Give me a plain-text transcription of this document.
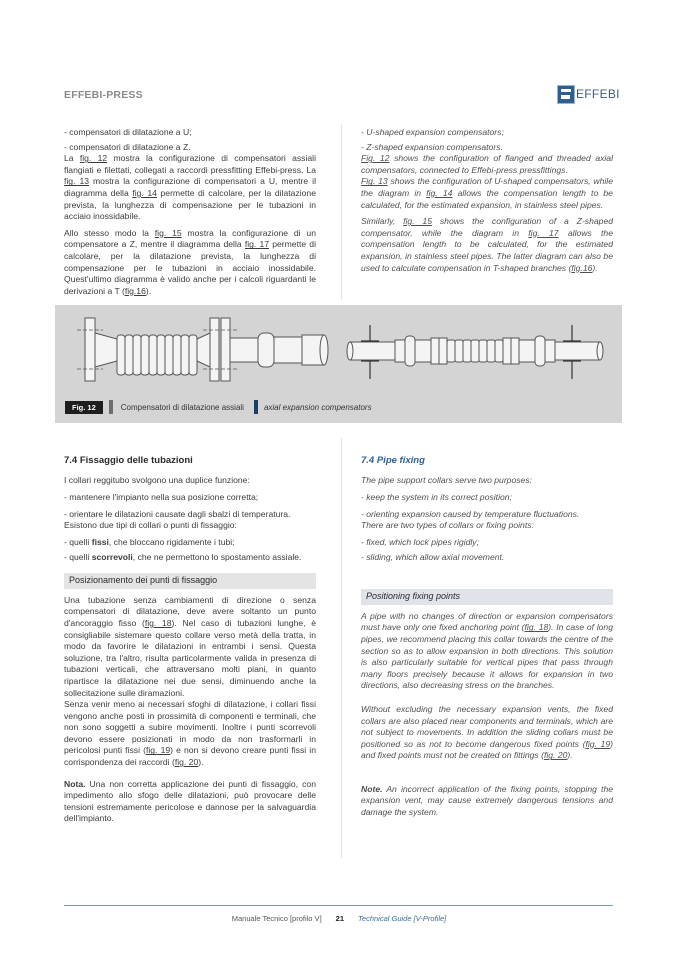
EFFEBI-PRESS	EFFEBI
- compensatori di dilatazione a U;
- compensatori di dilatazione a Z.

La fig. 12 mostra la configurazione di compensatori assiali flangiati e filettati, collegati a raccordi pressfitting Effebi-press. La fig. 13 mostra la configurazione di compensatori a U, mentre il diagramma della fig. 14 permette di calcolare, per la dilatazione prevista, la lunghezza di compensazione per le tubazioni in acciaio inossidabile.

Allo stesso modo la fig. 15 mostra la configurazione di un compensatore a Z, mentre il diagramma della fig. 17 permette di calcolare, per la dilatazione prevista, la lunghezza di compensazione per le tubazioni in acciaio inossidabile. Quest'ultimo diagramma è valido anche per i calcoli riguardanti le derivazioni a T (fig.16).

- U-shaped expansion compensators;
- Z-shaped expansion compensators.

Fig. 12 shows the configuration of flanged and threaded axial compensators, connected to Effebi-press pressfittings.
Fig. 13 shows the configuration of U-shaped compensators, while the diagram in fig. 14 allows the compensation length to be calculated, for the estimated expansion, in stainless steel pipes.

Similarly, fig. 15 shows the configuration of a Z-shaped compensator, while the diagram in fig. 17 allows the compensation length to be calculated, for the estimated expansion, in stainless steel pipes. The latter diagram can also be used to calculate compensation in T-shaped branches (fig.16).

Fig. 12	Compensatori di dilatazione assiali	axial expansion compensators
7.4 Fissaggio delle tubazioni
I collari reggitubo svolgono una duplice funzione:
- mantenere l'impianto nella sua posizione corretta;
- orientare le dilatazioni causate dagli sbalzi di temperatura.
Esistono due tipi di collari o punti di fissaggio:
- quelli fissi, che bloccano rigidamente i tubi;
- quelli scorrevoli, che ne permettono lo spostamento assiale.
Posizionamento dei punti di fissaggio

Una tubazione senza cambiamenti di direzione o senza compensatori di dilatazione, deve avere soltanto un punto d'ancoraggio fisso (fig. 18). Nel caso di tubazioni lunghe, è consigliabile sistemare questo collare verso metà della tratta, in modo da favorire le dilatazioni in entrambi i sensi. Questa soluzione, tra l'altro, risulta particolarmente valida in presenza di tubazioni verticali, che attraversano molti piani, in quanto ripartisce la dilatazione nei due sensi, diminuendo anche la sollecitazione sulle diramazioni.

Senza venir meno ai necessari sfoghi di dilatazione, i collari fissi vengono anche posti in prossimità di componenti e terminali, che non sono soggetti a subire movimenti. Inoltre i punti scorrevoli devono essere posizionati in modo da non trasformarli in pericolosi punti fissi (fig. 19) e non si devono creare punti fissi in corrispondenza dei raccordi (fig. 20).

Nota. Una non corretta applicazione dei punti di fissaggio, con impedimento allo sfogo delle dilatazioni, può provocare delle tensioni estremamente pericolose e dannose per la salvaguardia dell'impianto.

7.4 Pipe fixing
The pipe support collars serve two purposes:
- keep the system in its correct position;
- orienting expansion caused by temperature fluctuations.
There are two types of collars or fixing points:
- fixed, which lock pipes rigidly;
- sliding, which allow axial movement.
Positioning fixing points

A pipe with no changes of direction or expansion compensators must have only one fixed anchoring point (fig. 18). In case of long pipes, we recommend placing this collar towards the centre of the section so as to allow expansion in both directions. This solution is also particularly suitable for vertical pipes that pass through many floors precisely because it allows for expansion in two directions, also decreasing stress on the branches.

Without excluding the necessary expansion vents, the fixed collars are also placed near components and terminals, which are not subject to movements. In addition the sliding collars must be positioned so as not to become dangerous fixed points (fig. 19) and fixed points must not be created on fittings (fig. 20).

Note. An incorrect application of the fixing points, stopping the expansion vent, may cause extremely dangerous tensions and damage the system.

Manuale Tecnico [profilo V] 21 Technical Guide [V-Profile]
